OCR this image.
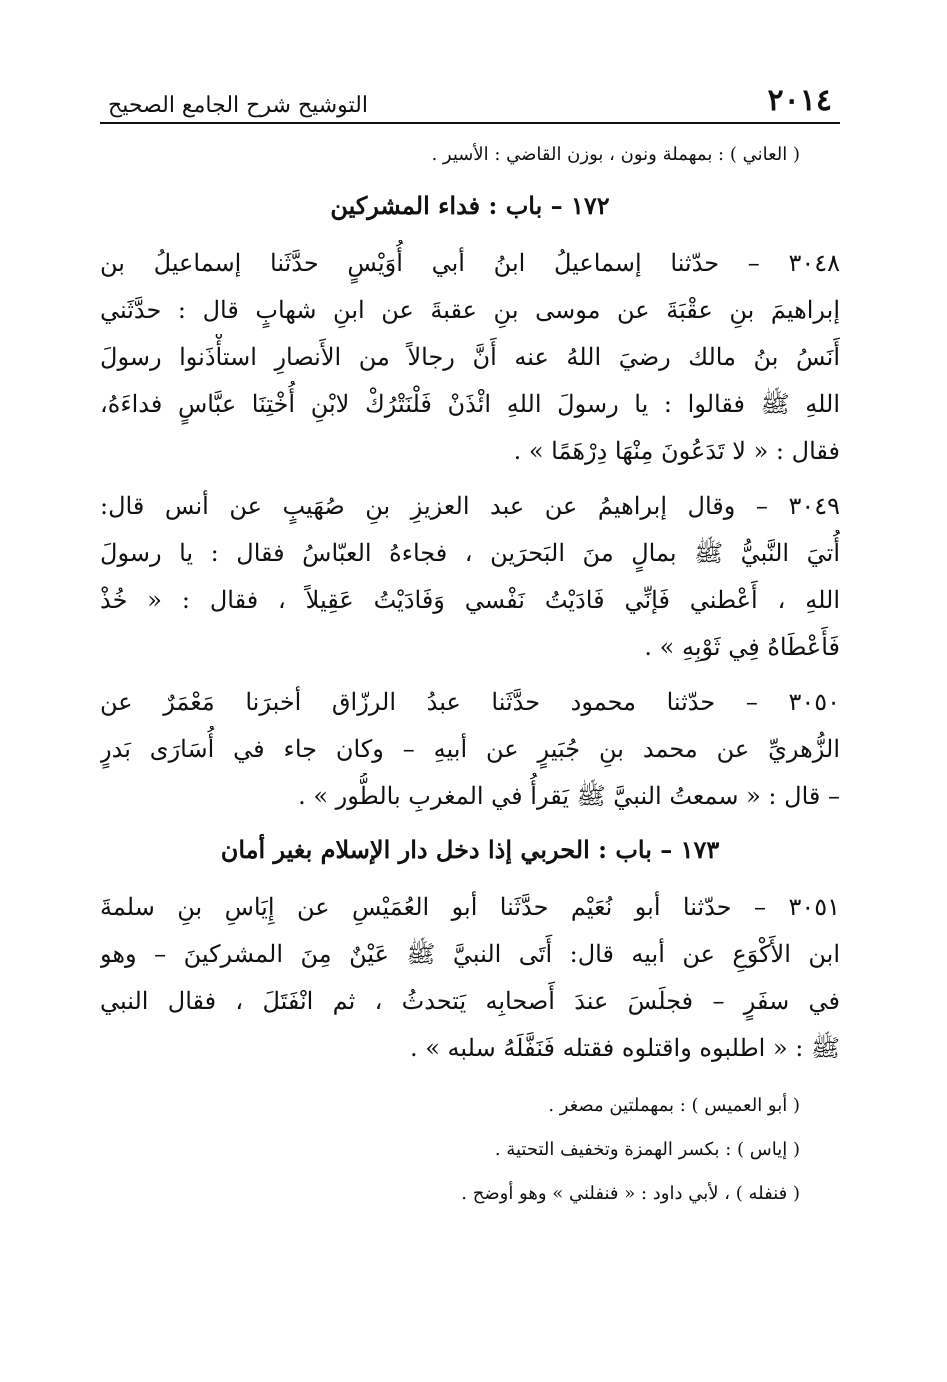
٢٠١٤
التوشيح شرح الجامع الصحيح
( العاني ) : بمهملة ونون ، بوزن القاضي : الأسير .
١٧٢ – باب : فداء المشركين
٣٠٤٨ – حدّثنا إسماعيلُ ابنُ أبي أُوَيْسٍ حدَّثَنا إسماعيلُ بن
إبراهيمَ بنِ عقْبَةَ عن موسى بنِ عقبةَ عن ابنِ شهابٍ قال : حدَّثَني
أَنَسُ بنُ مالك رضيَ اللهُ عنه أَنَّ رجالاً من الأَنصارِ استأْذَنوا رسولَ
اللهِ ﷺ فقالوا : يا رسولَ اللهِ ائْذَنْ فَلْنَتْرُكْ لابْنِ أُخْتِنَا عبَّاسٍ فداءَهُ،
فقال : « لا تَدَعُونَ مِنْهَا دِرْهَمًا » .
٣٠٤٩ – وقال إبراهيمُ عن عبد العزيزِ بنِ صُهَيبٍ عن أنس قال:
أُتيَ النَّبيُّ ﷺ بمالٍ منَ البَحرَين ، فجاءهُ العبّاسُ فقال : يا رسولَ
اللهِ ، أَعْطني فَإنِّي فَادَيْتُ نَفْسي وَفَادَيْتُ عَقِيلاً ، فقال : « خُذْ
فَأَعْطَاهُ فِي ثَوْبِهِ » .
٣٠٥٠ – حدّثنا محمود حدَّثَنا عبدُ الرزّاق أخبرَنا مَعْمَرٌ عن
الزُّهريِّ عن محمد بنِ جُبَيرٍ عن أبيهِ – وكان جاء في أُسَارَى بَدرٍ
– قال : « سمعتُ النبيَّ ﷺ يَقرأُ في المغربِ بالطُّور » .
١٧٣ – باب : الحربي إذا دخل دار الإسلام بغير أمان
٣٠٥١ – حدّثنا أبو نُعَيْم حدَّثَنا أبو العُمَيْسِ عن إِيَاسِ بنِ سلمةَ
ابن الأَكْوَعِ عن أبيه قال: أَتَى النبيَّ ﷺ عَيْنٌ مِنَ المشركينَ – وهو
في سفَرٍ – فجلَسَ عندَ أَصحابِه يَتحدثُ ، ثم انْفَتَلَ ، فقال النبي
ﷺ : « اطلبوه واقتلوه فقتله فَنَفَّلَهُ سلبه » .
( أبو العميس ) : بمهملتين مصغر .
( إياس ) : بكسر الهمزة وتخفيف التحتية .
( فنفله ) ، لأبي داود : « فنفلني » وهو أوضح .
